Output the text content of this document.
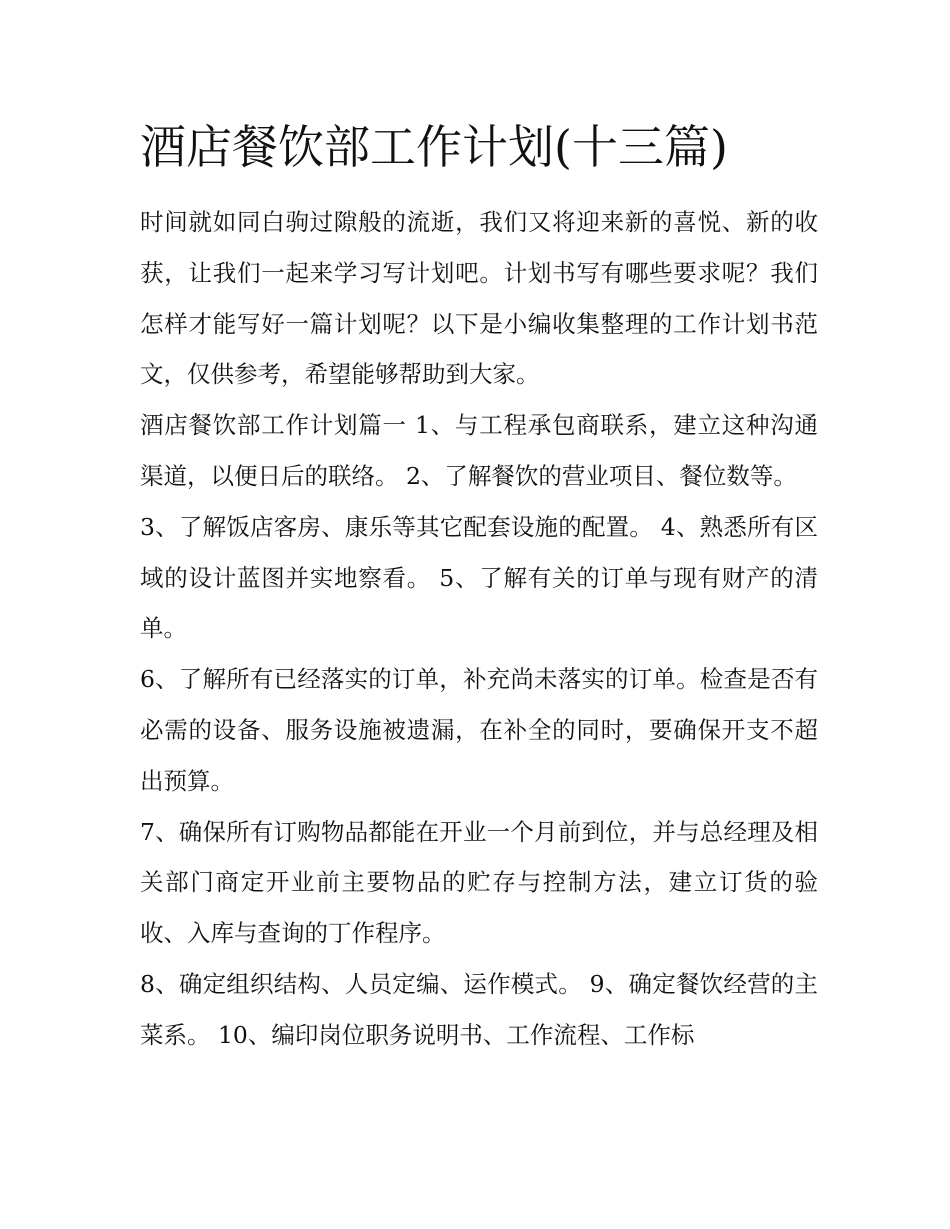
酒店餐饮部工作计划(十三篇)

时间就如同白驹过隙般的流逝，我们又将迎来新的喜悦、新的收获，让我们一起来学习写计划吧。计划书写有哪些要求呢？我们怎样才能写好一篇计划呢？以下是小编收集整理的工作计划书范文，仅供参考，希望能够帮助到大家。

酒店餐饮部工作计划篇一 1、与工程承包商联系，建立这种沟通渠道，以便日后的联络。 2、了解餐饮的营业项目、餐位数等。

3、了解饭店客房、康乐等其它配套设施的配置。 4、熟悉所有区域的设计蓝图并实地察看。 5、了解有关的订单与现有财产的清单。

6、了解所有已经落实的订单，补充尚未落实的订单。检查是否有必需的设备、服务设施被遗漏，在补全的同时，要确保开支不超出预算。

7、确保所有订购物品都能在开业一个月前到位，并与总经理及相关部门商定开业前主要物品的贮存与控制方法，建立订货的验收、入库与查询的丁作程序。

8、确定组织结构、人员定编、运作模式。 9、确定餐饮经营的主菜系。 10、编印岗位职务说明书、工作流程、工作标
